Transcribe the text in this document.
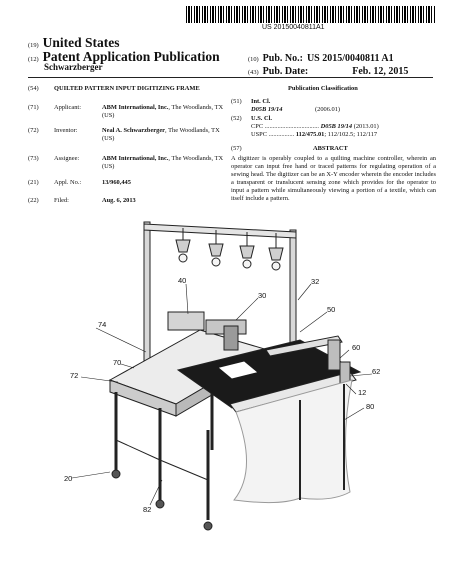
US 20150040811A1
(19) United States
(12) Patent Application Publication
Schwarzberger
(10) Pub. No.: US 2015/0040811 A1
(43) Pub. Date:	Feb. 12, 2015
(54) QUILTED PATTERN INPUT DIGITIZING FRAME
(71) Applicant:	ABM International, Inc., The Woodlands, TX (US)
(72) Inventor:	Neal A. Schwarzberger, The Woodlands, TX (US)
(73) Assignee:	ABM International, Inc., The Woodlands, TX (US)
(21) Appl. No.:	13/960,445
(22) Filed:	Aug. 6, 2013
Publication Classification
(51) Int. Cl.
D05B 19/14	(2006.01)
(52) U.S. Cl.
CPC .................................. D05B 19/14 (2013.01)
USPC ................ 112/475.01; 112/102.5; 112/117
(57)	ABSTRACT
A digitizer is operably coupled to a quilting machine controller, wherein an operator can input free hand or traced patterns for regulating operation of a sewing head. The digitizer can be an X-Y encoder wherein the encoder includes a transparent or translucent sensing zone which provides for the operator to input a pattern while simultaneously viewing a portion of a textile, which can itself include a pattern.
40
30
32
50
74
70
72
60
62
12
80
20
82
